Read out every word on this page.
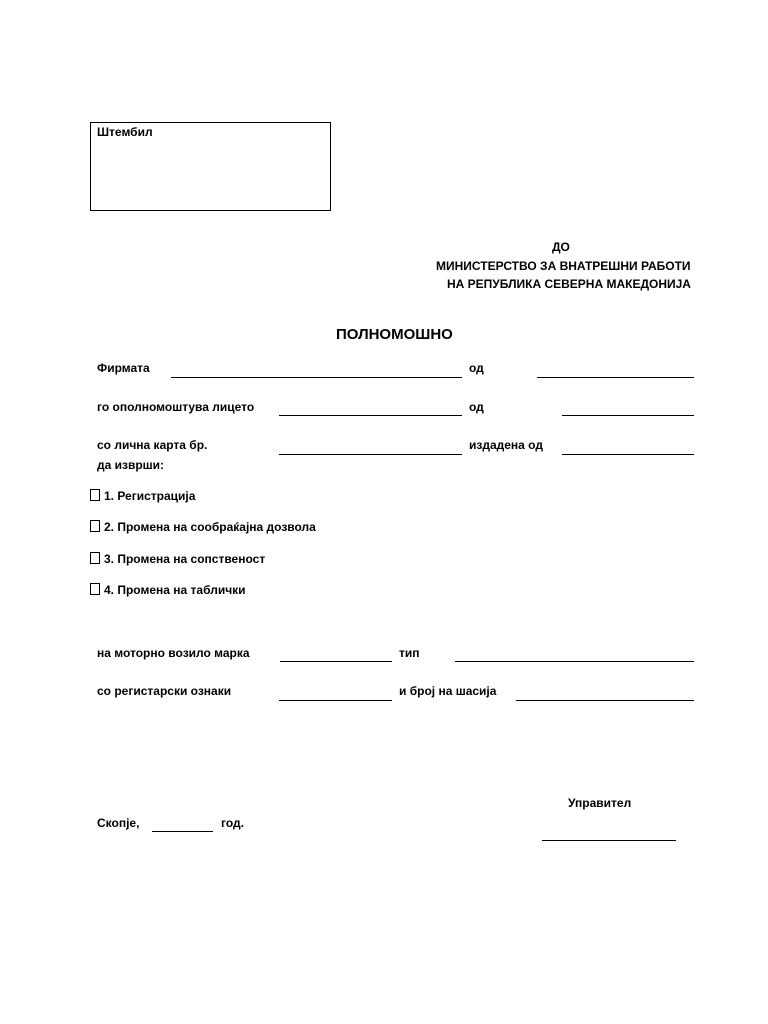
Штембил
ДО
МИНИСТЕРСТВО ЗА ВНАТРЕШНИ РАБОТИ
НА РЕПУБЛИКА СЕВЕРНА МАКЕДОНИЈА
ПОЛНОМОШНО
Фирмата	од
го ополномоштува лицето	од
со лична карта бр.	издадена од
да изврши:
1. Регистрација
2. Промена на сообраќајна дозвола
3. Промена на сопственост
4. Промена на таблички
на моторно возило марка	тип
со регистарски ознаки	и број на шасија
Управител
Скопје,	год.
